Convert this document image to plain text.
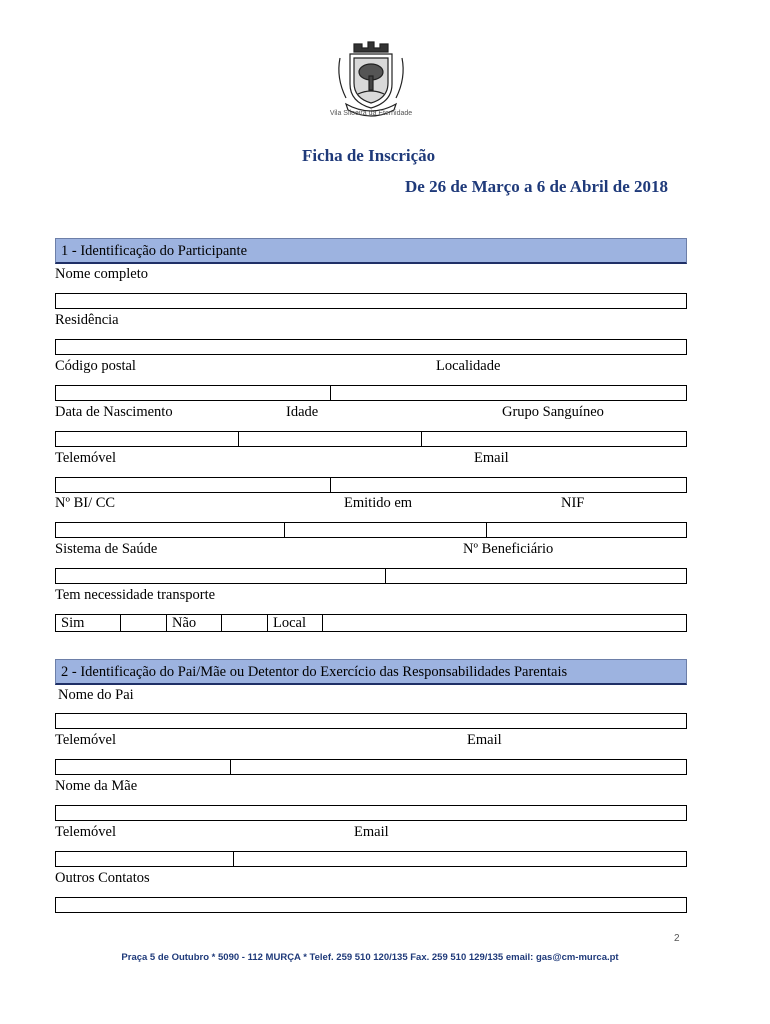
Vila Siloeira da Eternidade
Ficha de Inscrição
De 26 de Março a 6 de Abril de 2018
1 - Identificação do Participante
Nome completo
Residência
Código postal	Localidade
Data de Nascimento	Idade	Grupo Sanguíneo
Telemóvel	Email
Nº BI/ CC	Emitido em	NIF
Sistema de Saúde	Nº Beneficiário
Tem necessidade transporte
Sim	Não	Local
2 - Identificação do Pai/Mãe ou Detentor do Exercício das Responsabilidades Parentais
Nome do Pai
Telemóvel	Email
Nome da Mãe
Telemóvel	Email
Outros Contatos
2
Praça 5 de Outubro * 5090 - 112 MURÇA * Telef. 259 510 120/135 Fax. 259 510 129/135 email: gas@cm-murca.pt
